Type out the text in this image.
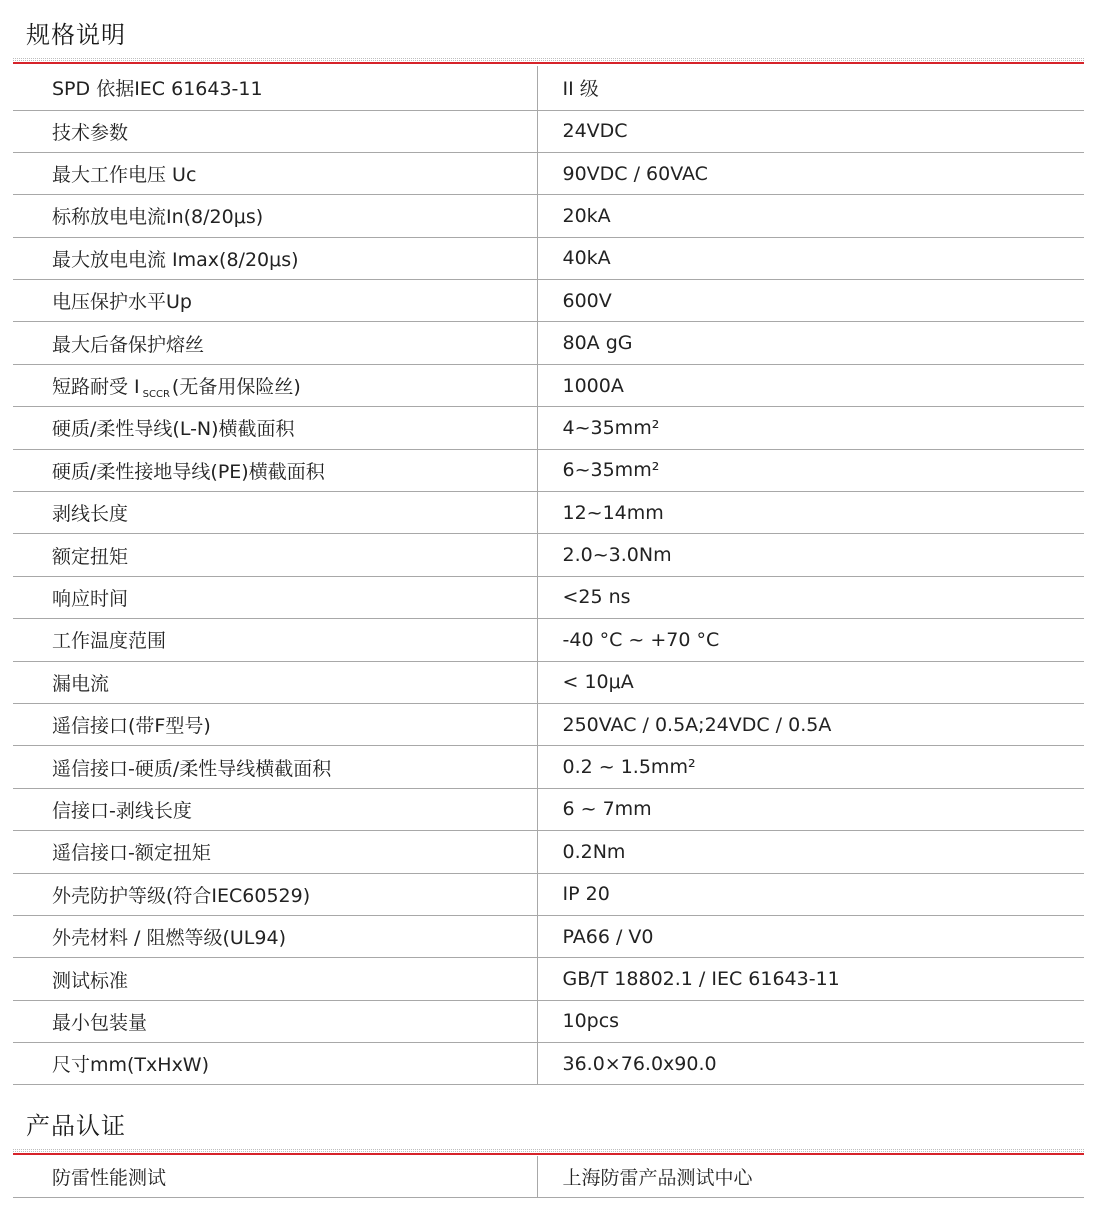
规格说明
SPD 依据IEC 61643-11	II 级
技术参数	24VDC
最大工作电压 Uc	90VDC / 60VAC
标称放电电流In(8/20μs)	20kA
最大放电电流 Imax(8/20μs)	40kA
电压保护水平Up	600V
最大后备保护熔丝	80A gG
短路耐受 I $_{SCCR}$ (无备用保险丝)	1000A
硬质/柔性导线(L-N)横截面积	4~35mm²
硬质/柔性接地导线(PE)横截面积	6~35mm²
剥线长度	12~14mm
额定扭矩	2.0~3.0Nm
响应时间	<25 ns
工作温度范围	-40 °C ~ +70 °C
漏电流	< 10μA
遥信接口(带F型号)	250VAC / 0.5A;24VDC / 0.5A
遥信接口-硬质/柔性导线横截面积	0.2 ~ 1.5mm²
信接口-剥线长度	6 ~ 7mm
遥信接口-额定扭矩	0.2Nm
外壳防护等级(符合IEC60529)	IP 20
外壳材料 / 阻燃等级(UL94)	PA66 / V0
测试标准	GB/T 18802.1 / IEC 61643-11
最小包装量	10pcs
尺寸mm(TxHxW)	36.0×76.0x90.0
产品认证
防雷性能测试	上海防雷产品测试中心
